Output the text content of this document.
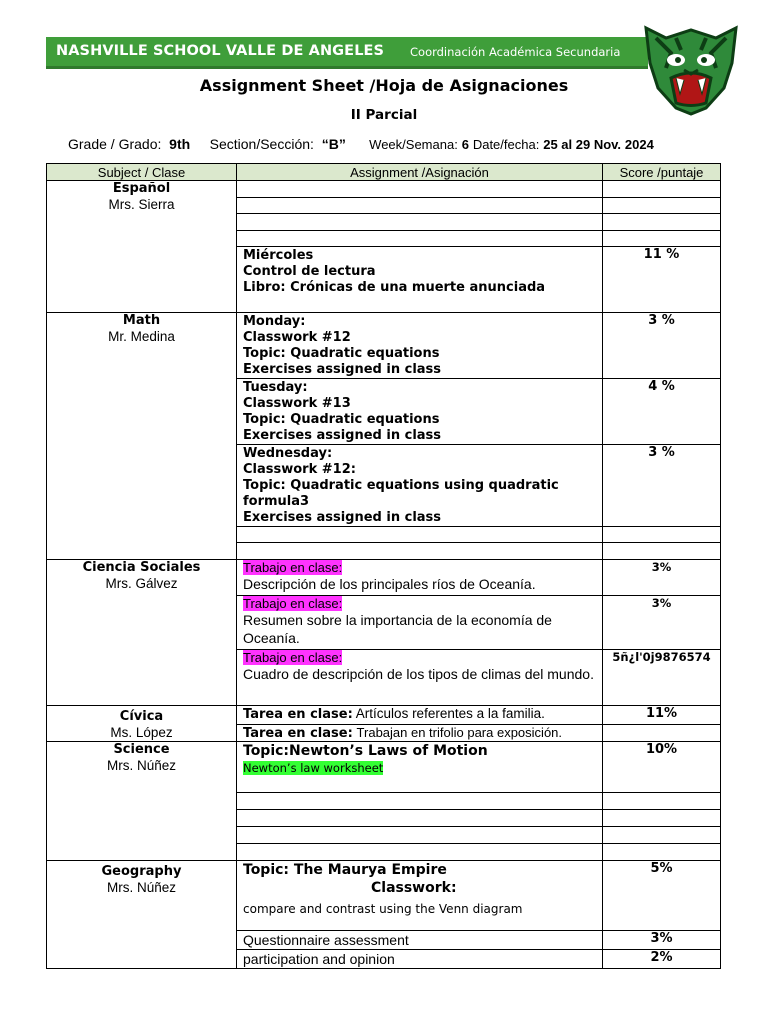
NASHVILLE SCHOOL VALLE DE ANGELES Coordinación Académica Secundaria
Assignment Sheet /Hoja de Asignaciones
II Parcial
Grade / Grado: 9th Section/Sección: “B” Week/Semana: 6 Date/fecha: 25 al 29 Nov. 2024
Subject / Clase	Assignment /Asignación	Score /puntaje

Español
Mrs. Sierra		

	Miércoles
Control de lectura
Libro: Crónicas de una muerte anunciada	11 %

Math
Mr. Medina	Monday:
Classwork #12
Topic: Quadratic equations
Exercises assigned in class	3 %

	Tuesday:
Classwork #13
Topic: Quadratic equations
Exercises assigned in class	4 %

	Wednesday:
Classwork #12:
Topic: Quadratic equations using quadratic formula3
Exercises assigned in class	3 %

Ciencia Sociales
Mrs. Gálvez	Trabajo en clase:
Descripción de los principales ríos de Oceanía.	3%
	Trabajo en clase:
Resumen sobre la importancia de la economía de Oceanía.	3%
	Trabajo en clase:
Cuadro de descripción de los tipos de climas del mundo.	5ñ¿l'0j9876574

Cívica
Ms. López	Tarea en clase: Artículos referentes a la familia.	11%
	Tarea en clase: Trabajan en trifolio para exposición.	

Science
Mrs. Núñez	Topic:Newton’s Laws of Motion
Newton’s law worksheet	10%

Geography
Mrs. Núñez	Topic: The Maurya Empire
Classwork:
compare and contrast using the Venn diagram	5%

	Questionnaire assessment	3%

	participation and opinion	2%
